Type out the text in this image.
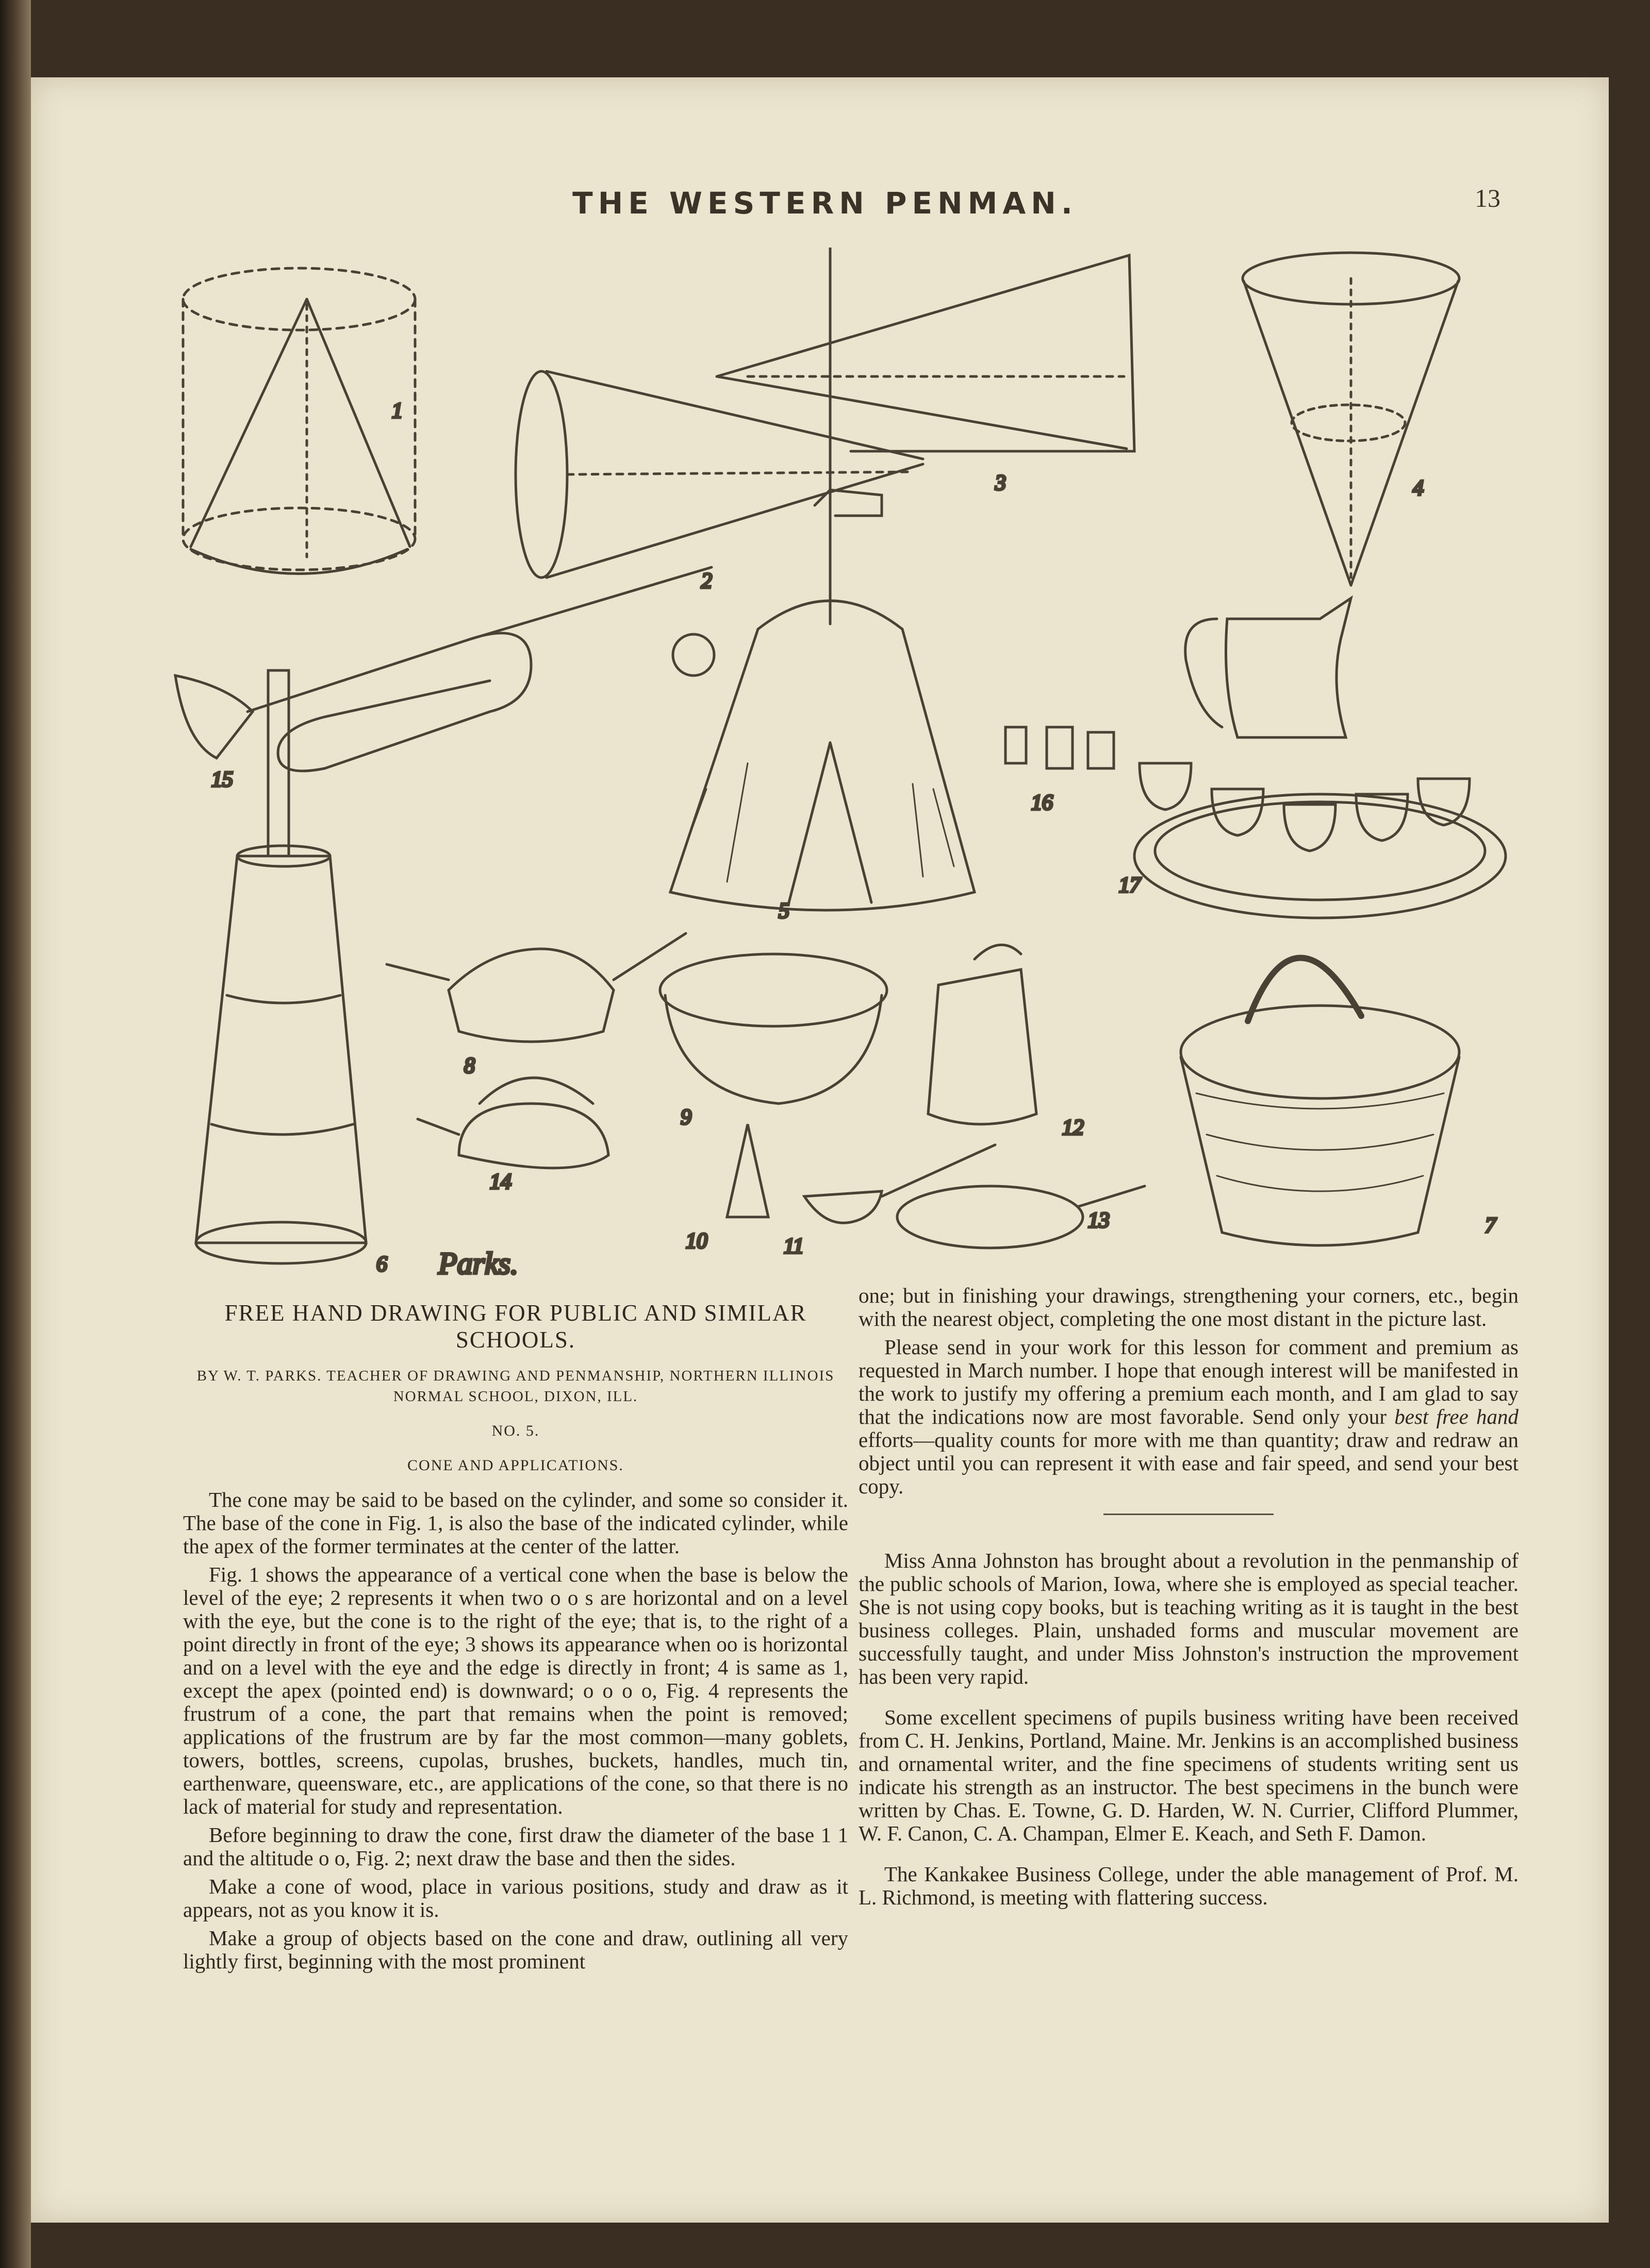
THE WESTERN PENMAN.	13
1
2
3	4
15
5
16
17
6
8
9	12
7
14
10	11
13
Parks.
FREE HAND DRAWING FOR PUBLIC AND SIMILAR SCHOOLS.
BY W. T. PARKS. TEACHER OF DRAWING AND PENMANSHIP, NORTHERN ILLINOIS NORMAL SCHOOL, DIXON, ILL.
NO. 5.
CONE AND APPLICATIONS.

The cone may be said to be based on the cylinder, and some so consider it. The base of the cone in Fig. 1, is also the base of the indicated cylinder, while the apex of the former terminates at the center of the latter.

Fig. 1 shows the appearance of a vertical cone when the base is below the level of the eye; 2 represents it when two o o s are horizontal and on a level with the eye, but the cone is to the right of the eye; that is, to the right of a point directly in front of the eye; 3 shows its appearance when oo is horizontal and on a level with the eye and the edge is directly in front; 4 is same as 1, except the apex (pointed end) is downward; o o o o, Fig. 4 represents the frustrum of a cone, the part that remains when the point is removed; applications of the frustrum are by far the most common—many goblets, towers, bottles, screens, cupolas, brushes, buckets, handles, much tin, earthenware, queensware, etc., are applications of the cone, so that there is no lack of material for study and representation.

Before beginning to draw the cone, first draw the diameter of the base 1 1 and the altitude o o, Fig. 2; next draw the base and then the sides.

Make a cone of wood, place in various positions, study and draw as it appears, not as you know it is.

Make a group of objects based on the cone and draw, outlining all very lightly first, beginning with the most prominent

one; but in finishing your drawings, strengthening your corners, etc., begin with the nearest object, completing the one most distant in the picture last.

Please send in your work for this lesson for comment and premium as requested in March number. I hope that enough interest will be manifested in the work to justify my offering a premium each month, and I am glad to say that the indications now are most favorable. Send only your best free hand efforts—quality counts for more with me than quantity; draw and redraw an object until you can represent it with ease and fair speed, and send your best copy.

Miss Anna Johnston has brought about a revolution in the penmanship of the public schools of Marion, Iowa, where she is employed as special teacher. She is not using copy books, but is teaching writing as it is taught in the best business colleges. Plain, unshaded forms and muscular movement are successfully taught, and under Miss Johnston's instruction the mprovement has been very rapid.

Some excellent specimens of pupils business writing have been received from C. H. Jenkins, Portland, Maine. Mr. Jenkins is an accomplished business and ornamental writer, and the fine specimens of students writing sent us indicate his strength as an instructor. The best specimens in the bunch were written by Chas. E. Towne, G. D. Harden, W. N. Currier, Clifford Plummer, W. F. Canon, C. A. Champan, Elmer E. Keach, and Seth F. Damon.

The Kankakee Business College, under the able management of Prof. M. L. Richmond, is meeting with flattering success.
